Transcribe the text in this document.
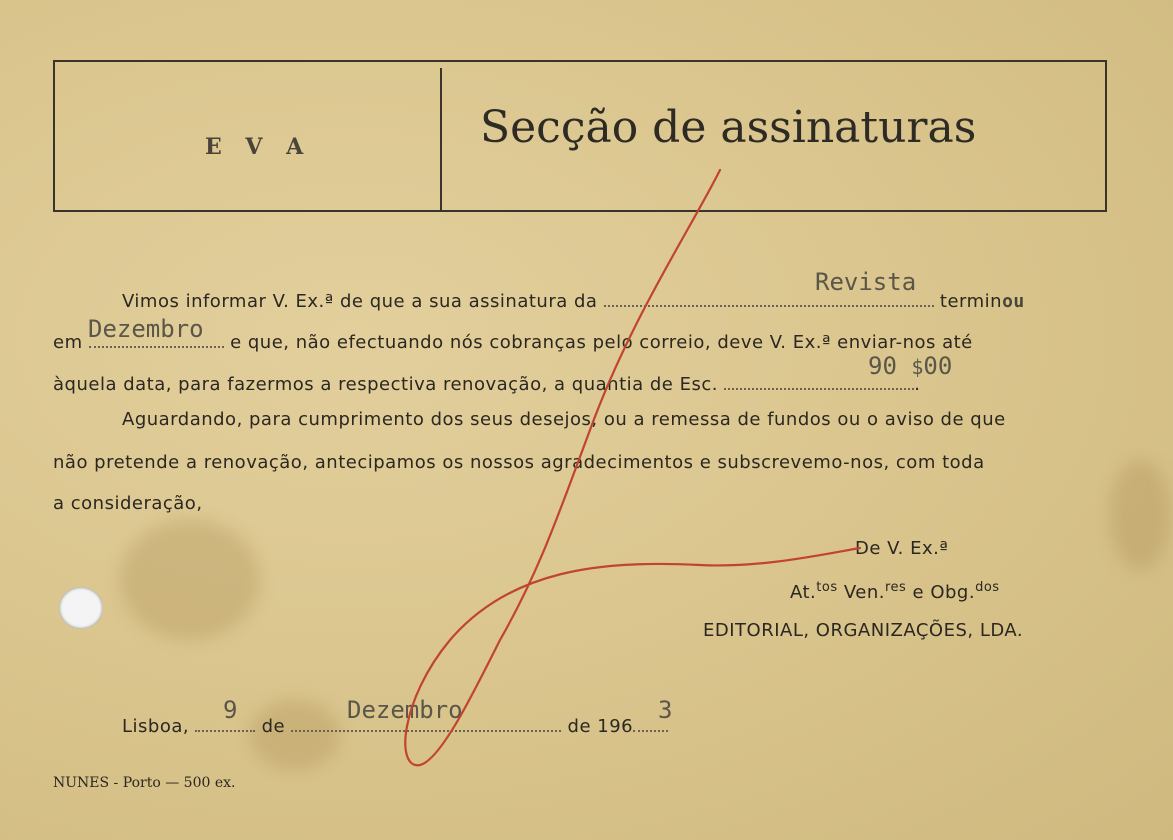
E V A	Secção de assinaturas
Vimos informar V. Ex.ª de que a sua assinatura da	terminou
Revista
em	e que, não efectuando nós cobranças pelo correio, deve V. Ex.ª enviar-nos até
Dezembro
àquela data, para fazermos a respectiva renovação, a quantia de Esc.	.
90 $00
Aguardando, para cumprimento dos seus desejos, ou a remessa de fundos ou o aviso de que
não pretende a renovação, antecipamos os nossos agradecimentos e subscrevemo-nos, com toda
a consideração,
De V. Ex.ª
At.$^{tos}$ Ven.$^{res}$ e Obg.$^{dos}$
EDITORIAL, ORGANIZAÇÕES, LDA.
Lisboa,	de	de 196
9	Dezembro	3
NUNES - Porto — 500 ex.
